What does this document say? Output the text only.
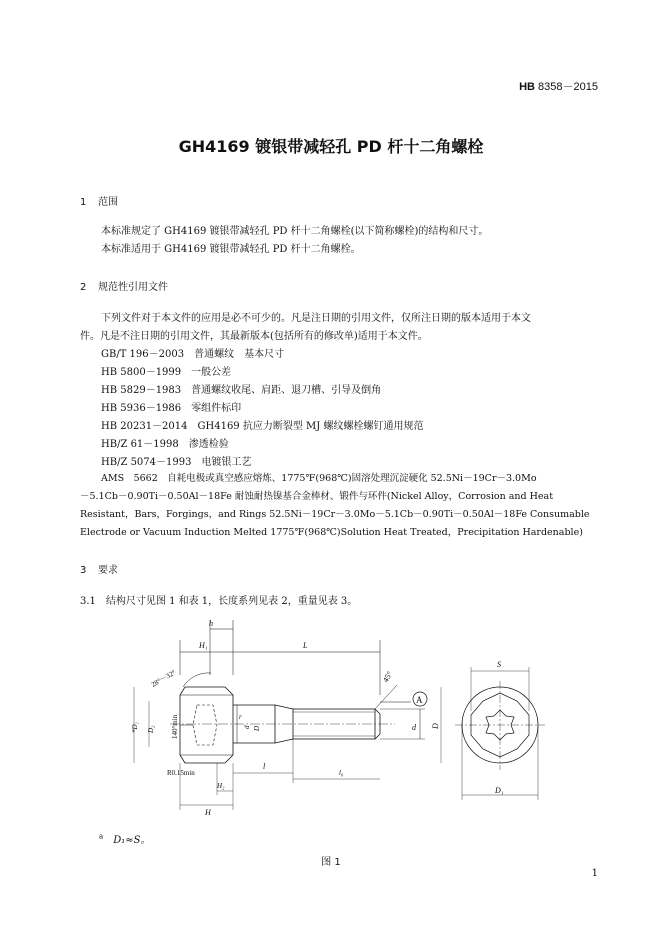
HB 8358－2015
GH4169 镀银带减轻孔 PD 杆十二角螺栓
1 范围
本标准规定了 GH4169 镀银带减轻孔 PD 杆十二角螺栓(以下简称螺栓)的结构和尺寸。
本标准适用于 GH4169 镀银带减轻孔 PD 杆十二角螺栓。
2 规范性引用文件
下列文件对于本文件的应用是必不可少的。凡是注日期的引用文件，仅所注日期的版本适用于本文
件。凡是不注日期的引用文件，其最新版本(包括所有的修改单)适用于本文件。
GB/T 196－2003　普通螺纹　基本尺寸
HB 5800－1999　一般公差
HB 5829－1983　普通螺纹收尾、肩距、退刀槽、引导及倒角
HB 5936－1986　零组件标印
HB 20231－2014　GH4169 抗应力断裂型 MJ 螺纹螺栓螺钉通用规范
HB/Z 61－1998　渗透检验
HB/Z 5074－1993　电镀银工艺
AMS　5662　自耗电极或真空感应熔炼、1775℉(968℃)固溶处理沉淀硬化 52.5Ni－19Cr－3.0Mo
－5.1Cb－0.90Ti－0.50Al－18Fe 耐蚀耐热镍基合金棒材、锻件与环件(Nickel Alloy，Corrosion and Heat
Resistant，Bars，Forgings，and Rings 52.5Ni－19Cr－3.0Mo－5.1Cb－0.90Ti－0.50Al－18Fe Consumable
Electrode or Vacuum Induction Melted 1775℉(968℃)Solution Heat Treated，Precipitation Hardenable)
3 要求
3.1　 结构尺寸见图 1 和表 1，长度系列见表 2，重量见表 3。
h
H₁	L
28°～32°	45°
A
d
*D₁ D₂ 140°min	r
d D
R0.15min
H₂
H
l
l₀
S
D₁
D
$^a$　 D₁≈S。
图 1
1
